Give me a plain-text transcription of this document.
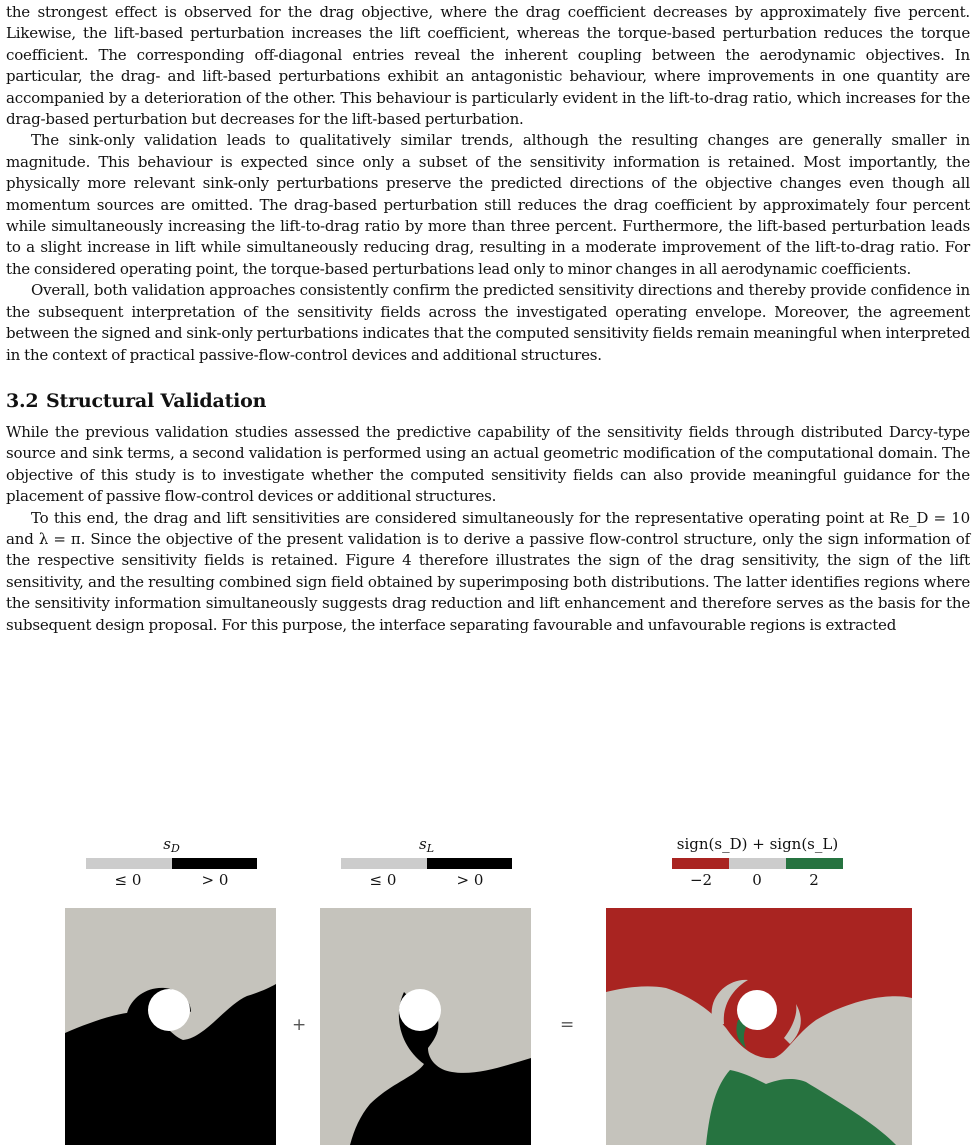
the strongest effect is observed for the drag objective, where the drag coefficient decreases by approximately five percent. Likewise, the lift-based perturbation increases the lift coefficient, whereas the torque-based perturbation reduces the torque coefficient. The corresponding off-diagonal entries reveal the inherent coupling between the aerodynamic objectives. In particular, the drag- and lift-based perturbations exhibit an antagonistic behaviour, where improvements in one quantity are accompanied by a deterioration of the other. This behaviour is particularly evident in the lift-to-drag ratio, which increases for the drag-based perturbation but decreases for the lift-based perturbation.

The sink-only validation leads to qualitatively similar trends, although the resulting changes are generally smaller in magnitude. This behaviour is expected since only a subset of the sensitivity information is retained. Most importantly, the physically more relevant sink-only perturbations preserve the predicted directions of the objective changes even though all momentum sources are omitted. The drag-based perturbation still reduces the drag coefficient by approximately four percent while simultaneously increasing the lift-to-drag ratio by more than three percent. Furthermore, the lift-based perturbation leads to a slight increase in lift while simultaneously reducing drag, resulting in a moderate improvement of the lift-to-drag ratio. For the considered operating point, the torque-based perturbations lead only to minor changes in all aerodynamic coefficients.

Overall, both validation approaches consistently confirm the predicted sensitivity directions and thereby provide confidence in the subsequent interpretation of the sensitivity fields across the investigated operating envelope. Moreover, the agreement between the signed and sink-only perturbations indicates that the computed sensitivity fields remain meaningful when interpreted in the context of practical passive-flow-control devices and additional structures.

3.2 Structural Validation

While the previous validation studies assessed the predictive capability of the sensitivity fields through distributed Darcy-type source and sink terms, a second validation is performed using an actual geometric modification of the computational domain. The objective of this study is to investigate whether the computed sensitivity fields can also provide meaningful guidance for the placement of passive flow-control devices or additional structures.

To this end, the drag and lift sensitivities are considered simultaneously for the representative operating point at Re_D = 10 and λ = π. Since the objective of the present validation is to derive a passive flow-control structure, only the sign information of the respective sensitivity fields is retained. Figure 4 therefore illustrates the sign of the drag sensitivity, the sign of the lift sensitivity, and the resulting combined sign field obtained by superimposing both distributions. The latter identifies regions where the sensitivity information simultaneously suggests drag reduction and lift enhancement and therefore serves as the basis for the subsequent design proposal. For this purpose, the interface separating favourable and unfavourable regions is extracted

$s_D$
≤ 0	> 0
+
$s_L$
≤ 0	> 0
=
sign(s_D) + sign(s_L)
−2	0	2
